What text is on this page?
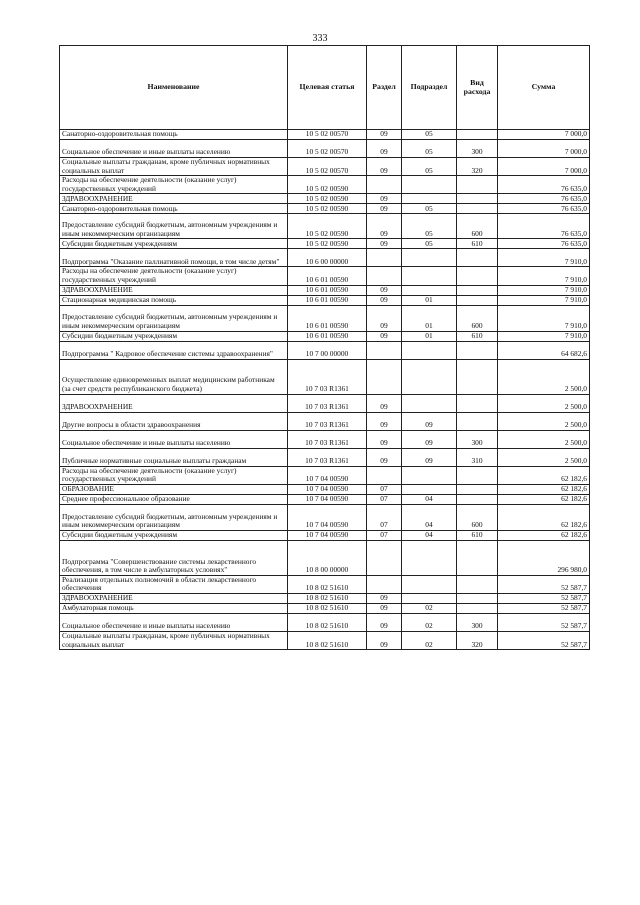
333
Наименование	Целевая статья	Раздел	Подраздел	Вид расхода	Сумма
Санаторно-оздоровительная помощь	10 5 02 00570	09	05		7 000,0
Социальное обеспечение и иные выплаты населению	10 5 02 00570	09	05	300	7 000,0
Социальные выплаты гражданам, кроме публичных нормативных социальных выплат	10 5 02 00570	09	05	320	7 000,0
Расходы на обеспечение деятельности (оказание услуг) государственных учреждений	10 5 02 00590				76 635,0
ЗДРАВООХРАНЕНИЕ	10 5 02 00590	09			76 635,0
Санаторно-оздоровительная помощь	10 5 02 00590	09	05		76 635,0
Предоставление субсидий бюджетным, автономным учреждениям и иным некоммерческим организациям	10 5 02 00590	09	05	600	76 635,0
Субсидии бюджетным учреждениям	10 5 02 00590	09	05	610	76 635,0
Подпрограмма "Оказание паллиативной помощи, в том числе детям"	10 6 00 00000				7 910,0
Расходы на обеспечение деятельности (оказание услуг) государственных учреждений	10 6 01 00590				7 910,0
ЗДРАВООХРАНЕНИЕ	10 6 01 00590	09			7 910,0
Стационарная медицинская помощь	10 6 01 00590	09	01		7 910,0
Предоставление субсидий бюджетным, автономным учреждениям и иным некоммерческим организациям	10 6 01 00590	09	01	600	7 910,0
Субсидии бюджетным учреждениям	10 6 01 00590	09	01	610	7 910,0
Подпрограмма " Кадровое обеспечение системы здравоохранения"	10 7 00 00000				64 682,6
Осуществление единовременных выплат медицинским работникам (за счет средств республиканского бюджета)	10 7 03 R1361				2 500,0
ЗДРАВООХРАНЕНИЕ	10 7 03 R1361	09			2 500,0
Другие вопросы в области здравоохранения	10 7 03 R1361	09	09		2 500,0
Социальное обеспечение и иные выплаты населению	10 7 03 R1361	09	09	300	2 500,0
Публичные нормативные социальные выплаты гражданам	10 7 03 R1361	09	09	310	2 500,0
Расходы на обеспечение деятельности (оказание услуг) государственных учреждений	10 7 04 00590				62 182,6
ОБРАЗОВАНИЕ	10 7 04 00590	07			62 182,6
Среднее профессиональное образование	10 7 04 00590	07	04		62 182,6
Предоставление субсидий бюджетным, автономным учреждениям и иным некоммерческим организациям	10 7 04 00590	07	04	600	62 182,6
Субсидии бюджетным учреждениям	10 7 04 00590	07	04	610	62 182,6
Подпрограмма "Совершенствование системы лекарственного обеспечения, в том числе в амбулаторных условиях"	10 8 00 00000				296 980,0
Реализация отдельных полномочий в области лекарственного обеспечения	10 8 02 51610				52 587,7
ЗДРАВООХРАНЕНИЕ	10 8 02 51610	09			52 587,7
Амбулаторная помощь	10 8 02 51610	09	02		52 587,7
Социальное обеспечение и иные выплаты населению	10 8 02 51610	09	02	300	52 587,7
Социальные выплаты гражданам, кроме публичных нормативных социальных выплат	10 8 02 51610	09	02	320	52 587,7
